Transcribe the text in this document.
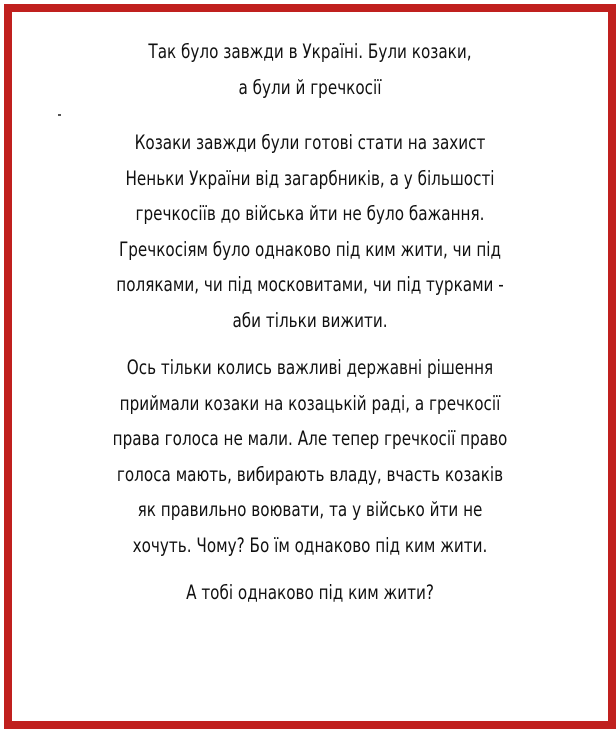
Так було завжди в Україні. Були козаки,
а були й гречкосії
Козаки завжди були готові стати на захист
Неньки України від загарбників, а у більшості
гречкосіїв до війська йти не було бажання.
Гречкосіям було однаково під ким жити, чи під
поляками, чи під московитами, чи під турками -
аби тільки вижити.
Ось тільки колись важливі державні рішення
приймали козаки на козацькій раді, а гречкосії
права голоса не мали. Але тепер гречкосії право
голоса мають, вибирають владу, вчасть козаків
як правильно воювати, та у військо йти не
хочуть. Чому? Бо їм однаково під ким жити.
А тобі однаково під ким жити?
